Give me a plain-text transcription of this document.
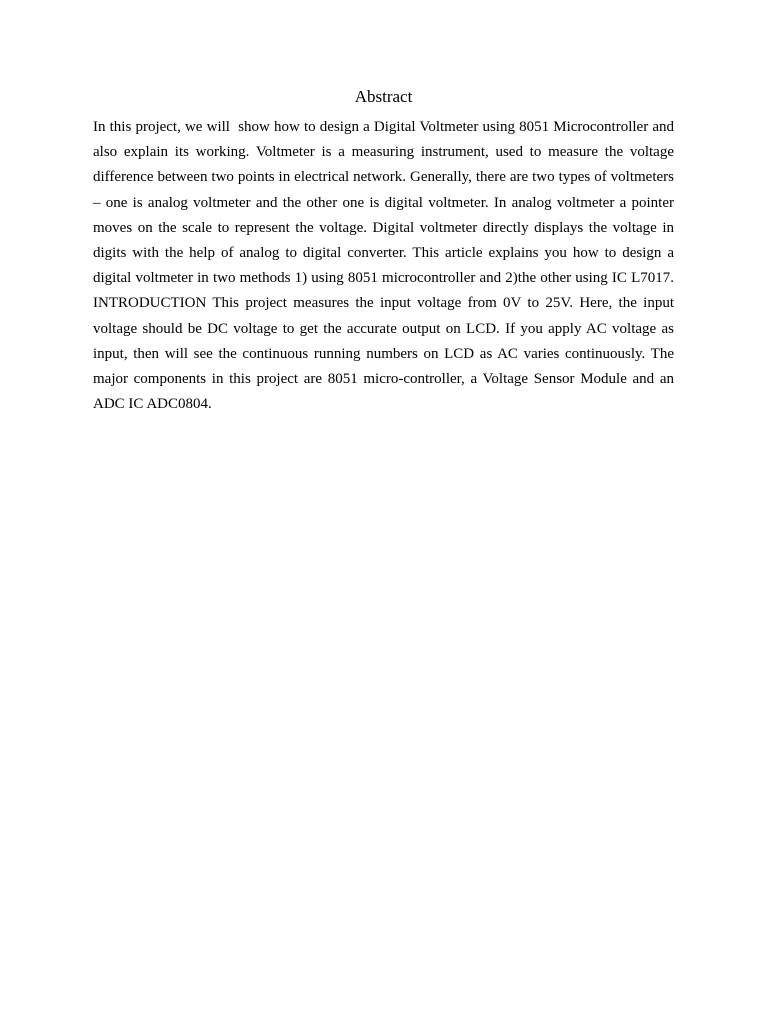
Abstract

In this project, we will  show how to design a Digital Voltmeter using 8051 Microcontroller and also explain its working. Voltmeter is a measuring instrument, used to measure the voltage difference between two points in electrical network. Generally, there are two types of voltmeters – one is analog voltmeter and the other one is digital voltmeter. In analog voltmeter a pointer moves on the scale to represent the voltage. Digital voltmeter directly displays the voltage in digits with the help of analog to digital converter. This article explains you how to design a digital voltmeter in two methods 1) using 8051 microcontroller and 2)the other using IC L7017. INTRODUCTION This project measures the input voltage from 0V to 25V. Here, the input voltage should be DC voltage to get the accurate output on LCD. If you apply AC voltage as input, then will see the continuous running numbers on LCD as AC varies continuously. The major components in this project are 8051 micro-controller, a Voltage Sensor Module and an ADC IC ADC0804.
